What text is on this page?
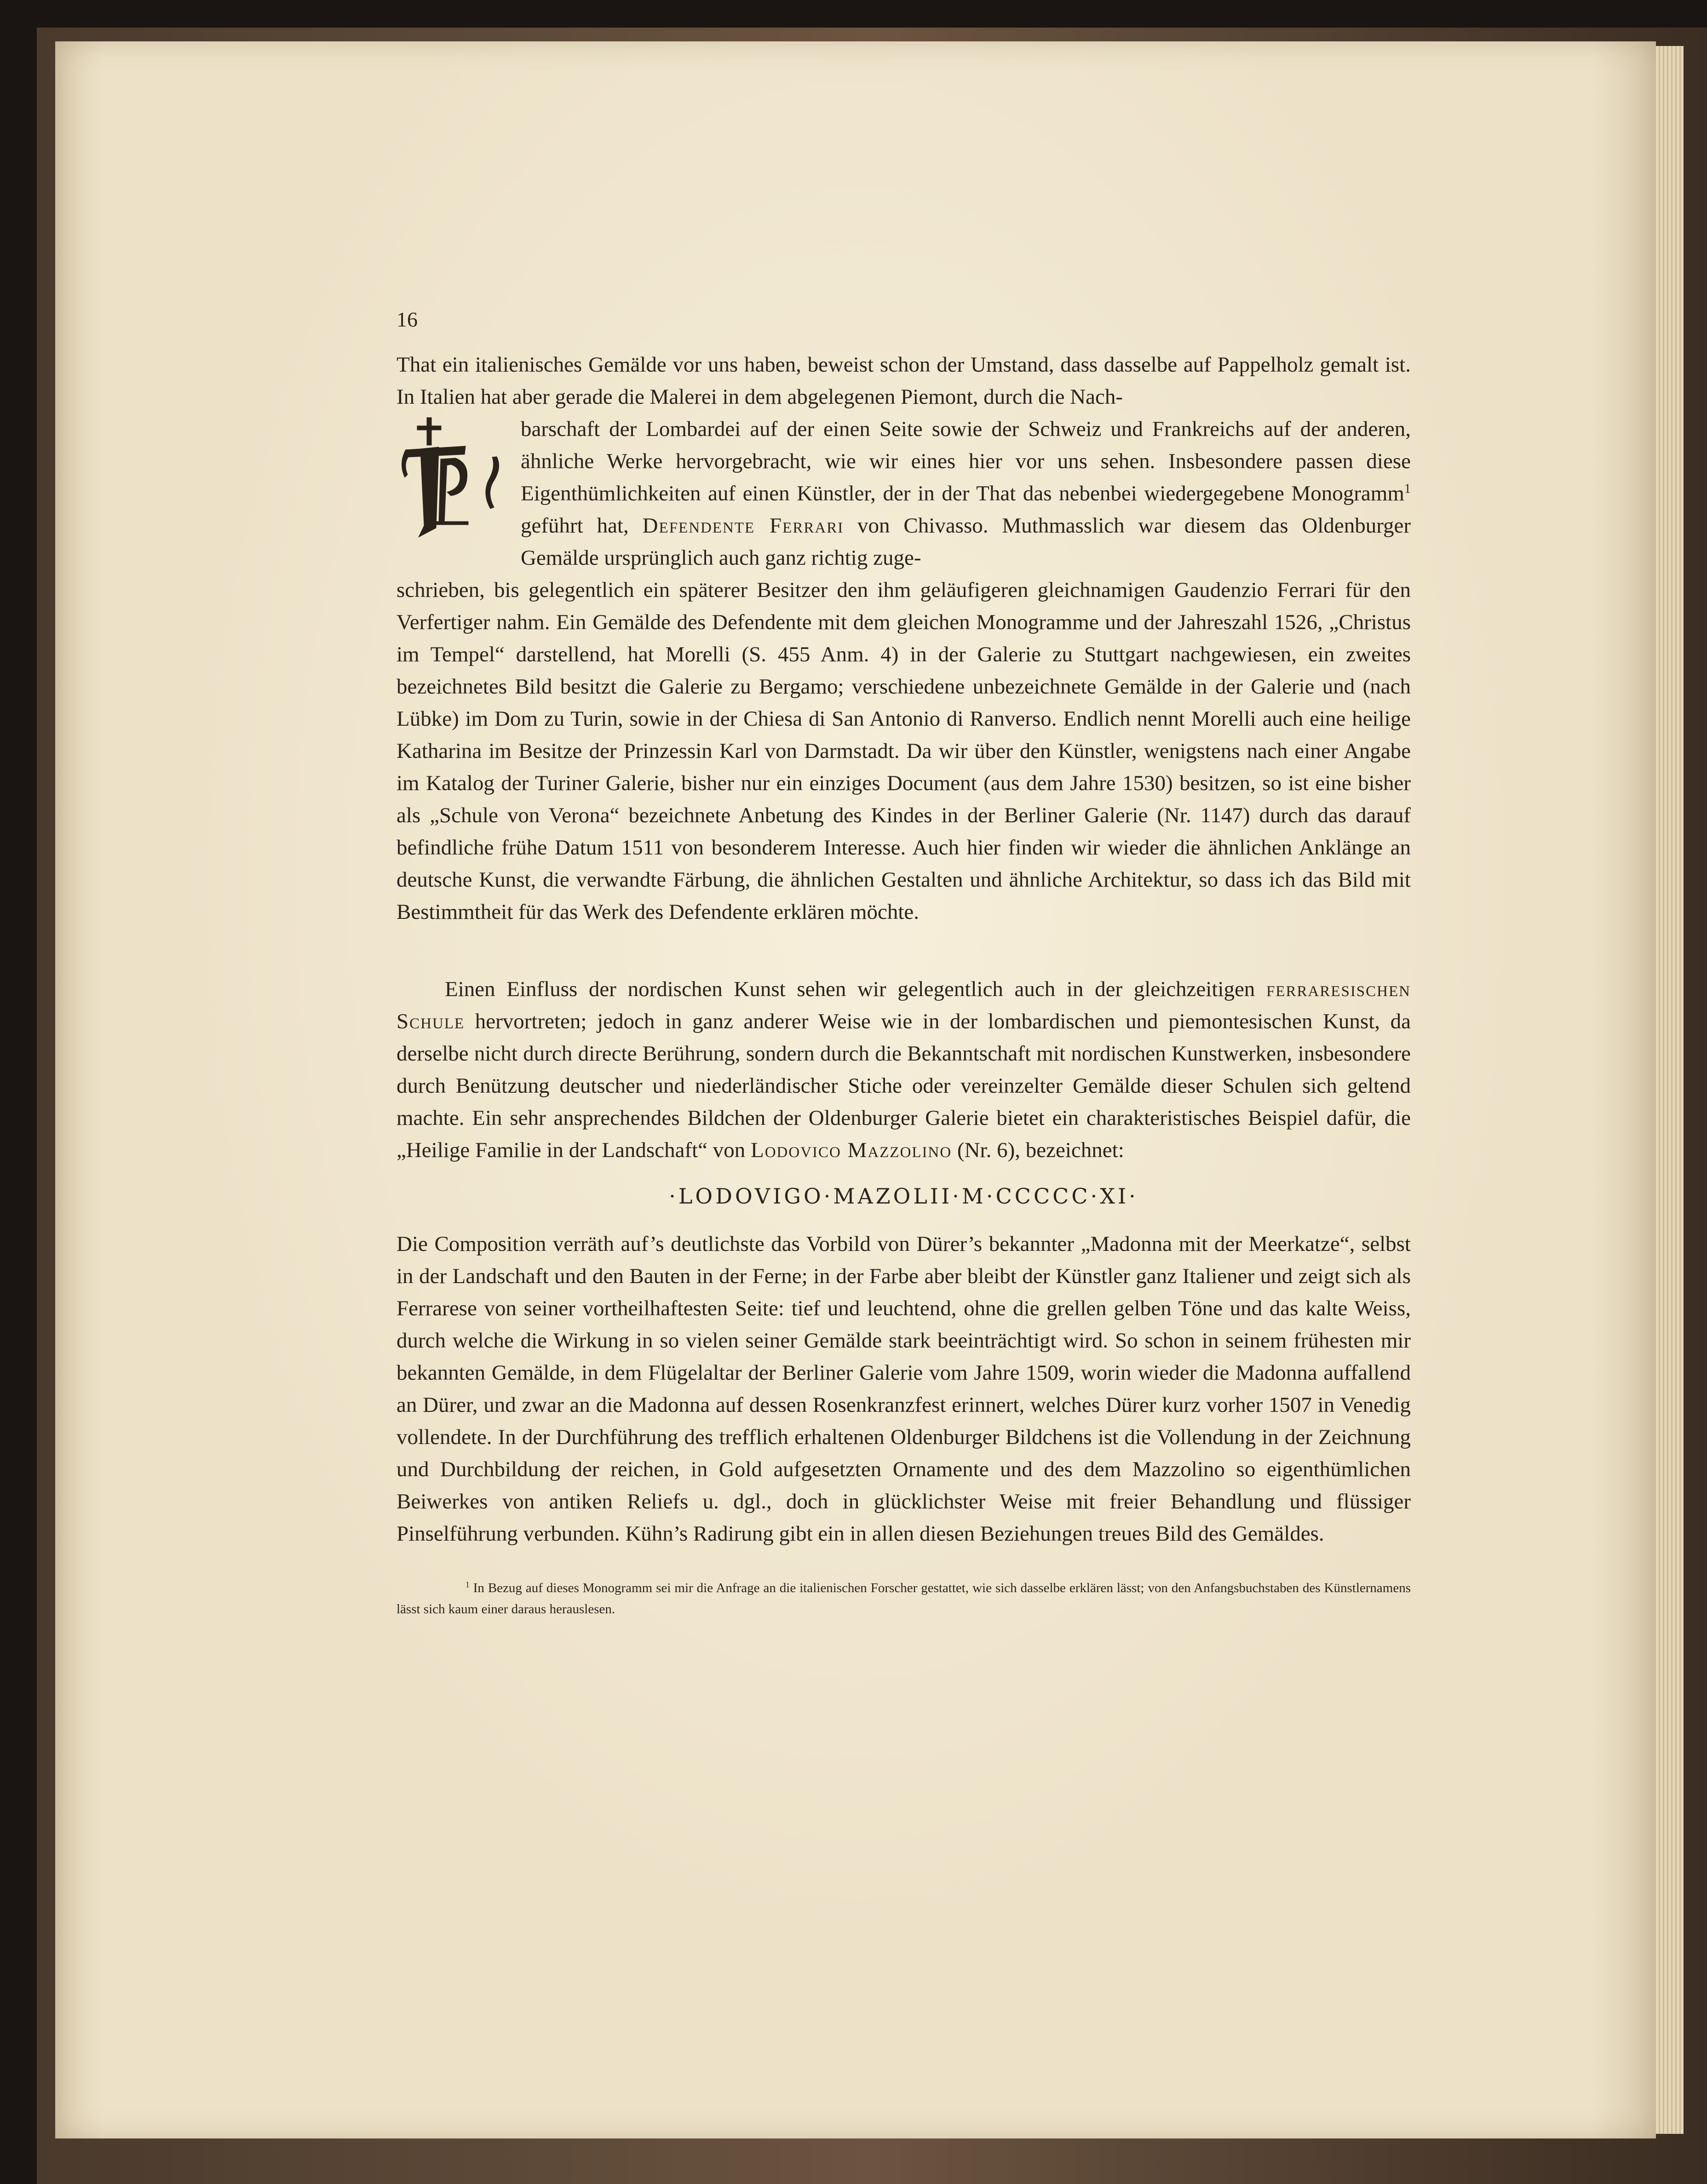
16

That ein italienisches Gemälde vor uns haben, beweist schon der Umstand, dass dasselbe auf Pappelholz gemalt ist. In Italien hat aber gerade die Malerei in dem abgelegenen Piemont, durch die Nach-

barschaft der Lombardei auf der einen Seite sowie der Schweiz und Frankreichs auf der anderen, ähnliche Werke hervorgebracht, wie wir eines hier vor uns sehen. Insbesondere passen diese Eigenthümlichkeiten auf einen Künstler, der in der That das nebenbei wiedergegebene Monogramm$^1$ geführt hat, Defendente Ferrari von Chivasso. Muthmasslich war diesem das Oldenburger Gemälde ursprünglich auch ganz richtig zuge-

schrieben, bis gelegentlich ein späterer Besitzer den ihm geläufigeren gleichnamigen Gaudenzio Ferrari für den Verfertiger nahm. Ein Gemälde des Defendente mit dem gleichen Monogramme und der Jahreszahl 1526, „Christus im Tempel“ darstellend, hat Morelli (S. 455 Anm. 4) in der Galerie zu Stuttgart nachgewiesen, ein zweites bezeichnetes Bild besitzt die Galerie zu Bergamo; verschiedene unbezeichnete Gemälde in der Galerie und (nach Lübke) im Dom zu Turin, sowie in der Chiesa di San Antonio di Ranverso. Endlich nennt Morelli auch eine heilige Katharina im Besitze der Prinzessin Karl von Darmstadt. Da wir über den Künstler, wenigstens nach einer Angabe im Katalog der Turiner Galerie, bisher nur ein einziges Document (aus dem Jahre 1530) besitzen, so ist eine bisher als „Schule von Verona“ bezeichnete Anbetung des Kindes in der Berliner Galerie (Nr. 1147) durch das darauf befindliche frühe Datum 1511 von besonderem Interesse. Auch hier finden wir wieder die ähnlichen Anklänge an deutsche Kunst, die verwandte Färbung, die ähnlichen Gestalten und ähnliche Architektur, so dass ich das Bild mit Bestimmtheit für das Werk des Defendente erklären möchte.

Einen Einfluss der nordischen Kunst sehen wir gelegentlich auch in der gleichzeitigen ferraresischen Schule hervortreten; jedoch in ganz anderer Weise wie in der lombardischen und piemontesischen Kunst, da derselbe nicht durch directe Berührung, sondern durch die Bekanntschaft mit nordischen Kunstwerken, insbesondere durch Benützung deutscher und niederländischer Stiche oder vereinzelter Gemälde dieser Schulen sich geltend machte. Ein sehr ansprechendes Bildchen der Oldenburger Galerie bietet ein charakteristisches Beispiel dafür, die „Heilige Familie in der Landschaft“ von Lodovico Mazzolino (Nr. 6), bezeichnet:

·LODOVIGO·MAZOLII·M·CCCCC·XI·

Die Composition verräth auf’s deutlichste das Vorbild von Dürer’s bekannter „Madonna mit der Meerkatze“, selbst in der Landschaft und den Bauten in der Ferne; in der Farbe aber bleibt der Künstler ganz Italiener und zeigt sich als Ferrarese von seiner vortheilhaftesten Seite: tief und leuchtend, ohne die grellen gelben Töne und das kalte Weiss, durch welche die Wirkung in so vielen seiner Gemälde stark beeinträchtigt wird. So schon in seinem frühesten mir bekannten Gemälde, in dem Flügelaltar der Berliner Galerie vom Jahre 1509, worin wieder die Madonna auffallend an Dürer, und zwar an die Madonna auf dessen Rosenkranzfest erinnert, welches Dürer kurz vorher 1507 in Venedig vollendete. In der Durchführung des trefflich erhaltenen Oldenburger Bildchens ist die Vollendung in der Zeichnung und Durchbildung der reichen, in Gold aufgesetzten Ornamente und des dem Mazzolino so eigenthümlichen Beiwerkes von antiken Reliefs u. dgl., doch in glücklichster Weise mit freier Behandlung und flüssiger Pinselführung verbunden. Kühn’s Radirung gibt ein in allen diesen Beziehungen treues Bild des Gemäldes.

$^1$ In Bezug auf dieses Monogramm sei mir die Anfrage an die italienischen Forscher gestattet, wie sich dasselbe erklären lässt; von den Anfangsbuchstaben des Künstlernamens lässt sich kaum einer daraus herauslesen.
